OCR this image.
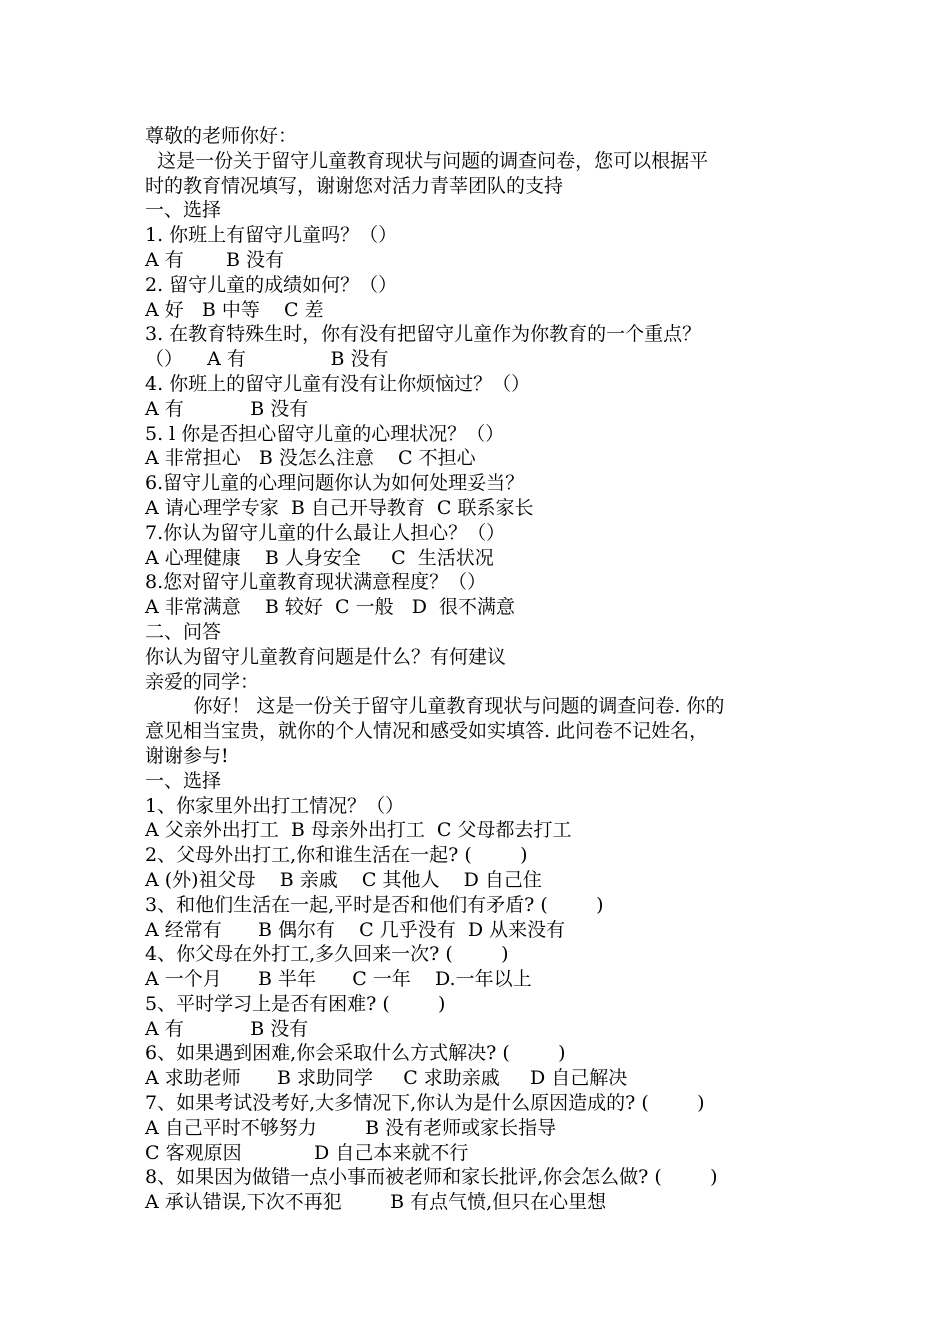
尊敬的老师你好：
这是一份关于留守儿童教育现状与问题的调查问卷，您可以根据平
时的教育情况填写，谢谢您对活力青莘团队的支持
一、选择
1. 你班上有留守儿童吗？（）
A 有       B 没有
2. 留守儿童的成绩如何？（）
A 好   B 中等    C 差
3. 在教育特殊生时，你有没有把留守儿童作为你教育的一个重点？
（）    A 有              B 没有
4. 你班上的留守儿童有没有让你烦恼过？（）
A 有           B 没有
5. l 你是否担心留守儿童的心理状况？（）
A 非常担心   B 没怎么注意    C 不担心
6.留守儿童的心理问题你认为如何处理妥当？
A 请心理学专家  B 自己开导教育  C 联系家长
7.你认为留守儿童的什么最让人担心？（）
A 心理健康    B 人身安全     C  生活状况
8.您对留守儿童教育现状满意程度？（）
A 非常满意    B 较好  C 一般   D  很不满意
二、问答
你认为留守儿童教育问题是什么？有何建议
亲爱的同学：
你好！ 这是一份关于留守儿童教育现状与问题的调查问卷. 你的
意见相当宝贵，就你的个人情况和感受如实填答. 此问卷不记姓名，
谢谢参与!
一、选择
1、你家里外出打工情况？（）
A 父亲外出打工  B 母亲外出打工  C 父母都去打工
2、父母外出打工,你和谁生活在一起? (        )
A (外)祖父母    B 亲戚    C 其他人    D 自己住
3、和他们生活在一起,平时是否和他们有矛盾? (        )
A 经常有      B 偶尔有    C 几乎没有  D 从来没有
4、你父母在外打工,多久回来一次? (        )
A 一个月      B 半年      C 一年    D.一年以上
5、平时学习上是否有困难? (        )
A 有           B 没有
6、如果遇到困难,你会采取什么方式解决? (        )
A 求助老师      B 求助同学     C 求助亲戚     D 自己解决
7、如果考试没考好,大多情况下,你认为是什么原因造成的? (        )
A 自己平时不够努力        B 没有老师或家长指导
C 客观原因            D 自己本来就不行
8、如果因为做错一点小事而被老师和家长批评,你会怎么做? (        )
A 承认错误,下次不再犯        B 有点气愤,但只在心里想
